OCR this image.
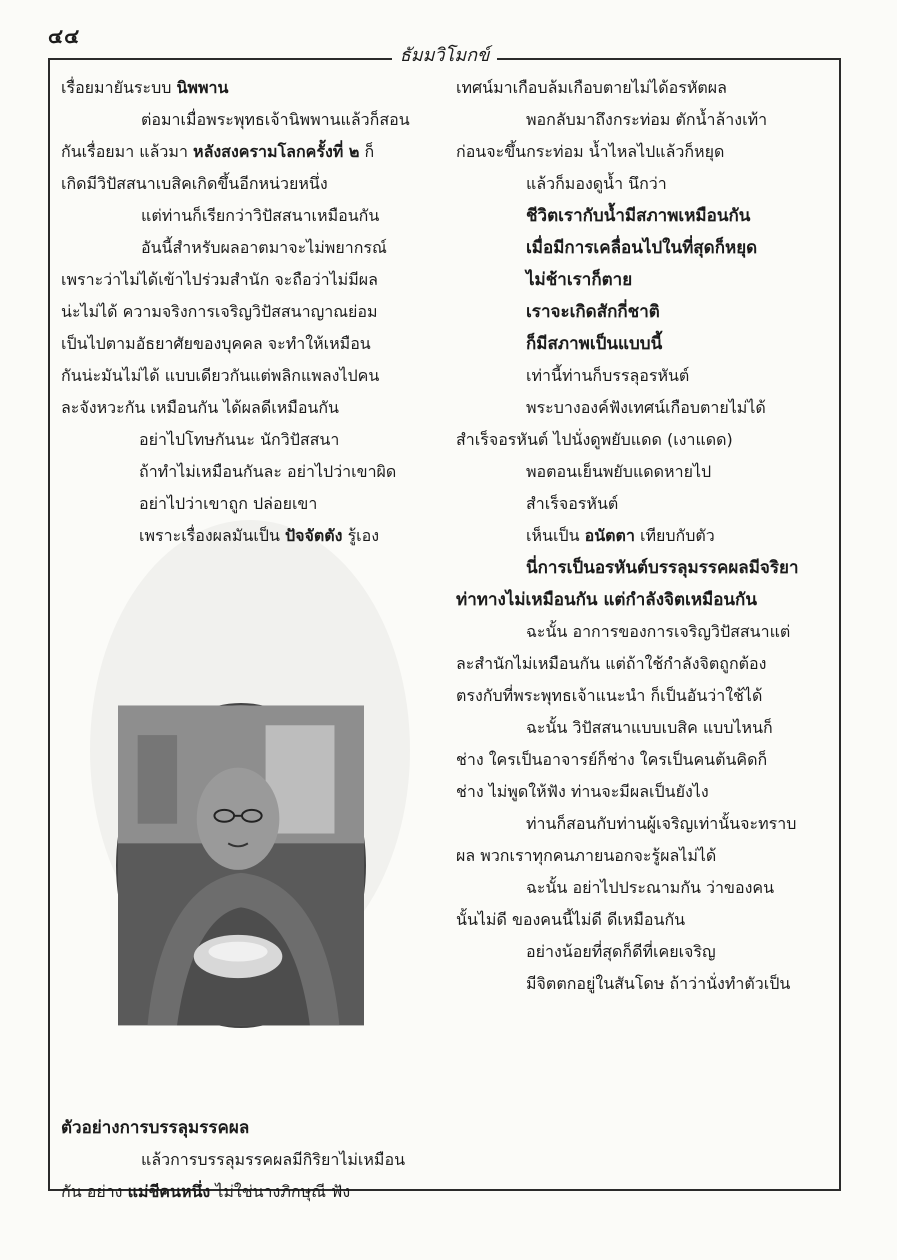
๔๔
ธัมมวิโมกข์
เรื่อยมายันระบบ นิพพาน
ต่อมาเมื่อพระพุทธเจ้านิพพานแล้วก็สอน
กันเรื่อยมา แล้วมา หลังสงครามโลกครั้งที่ ๒ ก็
เกิดมีวิปัสสนาเบสิคเกิดขึ้นอีกหน่วยหนึ่ง
แต่ท่านก็เรียกว่าวิปัสสนาเหมือนกัน
อันนี้สำหรับผลอาตมาจะไม่พยากรณ์
เพราะว่าไม่ได้เข้าไปร่วมสำนัก จะถือว่าไม่มีผล
น่ะไม่ได้ ความจริงการเจริญวิปัสสนาญาณย่อม
เป็นไปตามอัธยาศัยของบุคคล จะทำให้เหมือน
กันน่ะมันไม่ได้ แบบเดียวกันแต่พลิกแพลงไปคน
ละจังหวะกัน เหมือนกัน ได้ผลดีเหมือนกัน
อย่าไปโทษกันนะ นักวิปัสสนา
ถ้าทำไม่เหมือนกันละ อย่าไปว่าเขาผิด
อย่าไปว่าเขาถูก ปล่อยเขา
เพราะเรื่องผลมันเป็น ปัจจัตตัง รู้เอง
ตัวอย่างการบรรลุมรรคผล
แล้วการบรรลุมรรคผลมีกิริยาไม่เหมือน
กัน อย่าง แม่ชีคนหนึ่ง ไม่ใช่นางภิกษุณี ฟัง
เทศน์มาเกือบล้มเกือบตายไม่ได้อรหัตผล
พอกลับมาถึงกระท่อม ตักน้ำล้างเท้า
ก่อนจะขึ้นกระท่อม น้ำไหลไปแล้วก็หยุด
แล้วก็มองดูน้ำ นึกว่า
ชีวิตเรากับน้ำมีสภาพเหมือนกัน
เมื่อมีการเคลื่อนไปในที่สุดก็หยุด
ไม่ช้าเราก็ตาย
เราจะเกิดสักกี่ชาติ
ก็มีสภาพเป็นแบบนี้
เท่านี้ท่านก็บรรลุอรหันต์
พระบางองค์ฟังเทศน์เกือบตายไม่ได้
สำเร็จอรหันต์ ไปนั่งดูพยับแดด (เงาแดด)
พอตอนเย็นพยับแดดหายไป
สำเร็จอรหันต์
เห็นเป็น อนัตตา เทียบกับตัว
นี่การเป็นอรหันต์บรรลุมรรคผลมีจริยา
ท่าทางไม่เหมือนกัน แต่กำลังจิตเหมือนกัน
ฉะนั้น อาการของการเจริญวิปัสสนาแต่
ละสำนักไม่เหมือนกัน แต่ถ้าใช้กำลังจิตถูกต้อง
ตรงกับที่พระพุทธเจ้าแนะนำ ก็เป็นอันว่าใช้ได้
ฉะนั้น วิปัสสนาแบบเบสิค แบบไหนก็
ช่าง ใครเป็นอาจารย์ก็ช่าง ใครเป็นคนต้นคิดก็
ช่าง ไม่พูดให้ฟัง ท่านจะมีผลเป็นยังไง
ท่านก็สอนกับท่านผู้เจริญเท่านั้นจะทราบ
ผล พวกเราทุกคนภายนอกจะรู้ผลไม่ได้
ฉะนั้น อย่าไปประณามกัน ว่าของคน
นั้นไม่ดี ของคนนี้ไม่ดี ดีเหมือนกัน
อย่างน้อยที่สุดก็ดีที่เคยเจริญ
มีจิตตกอยู่ในสันโดษ ถ้าว่านั่งทำตัวเป็น
